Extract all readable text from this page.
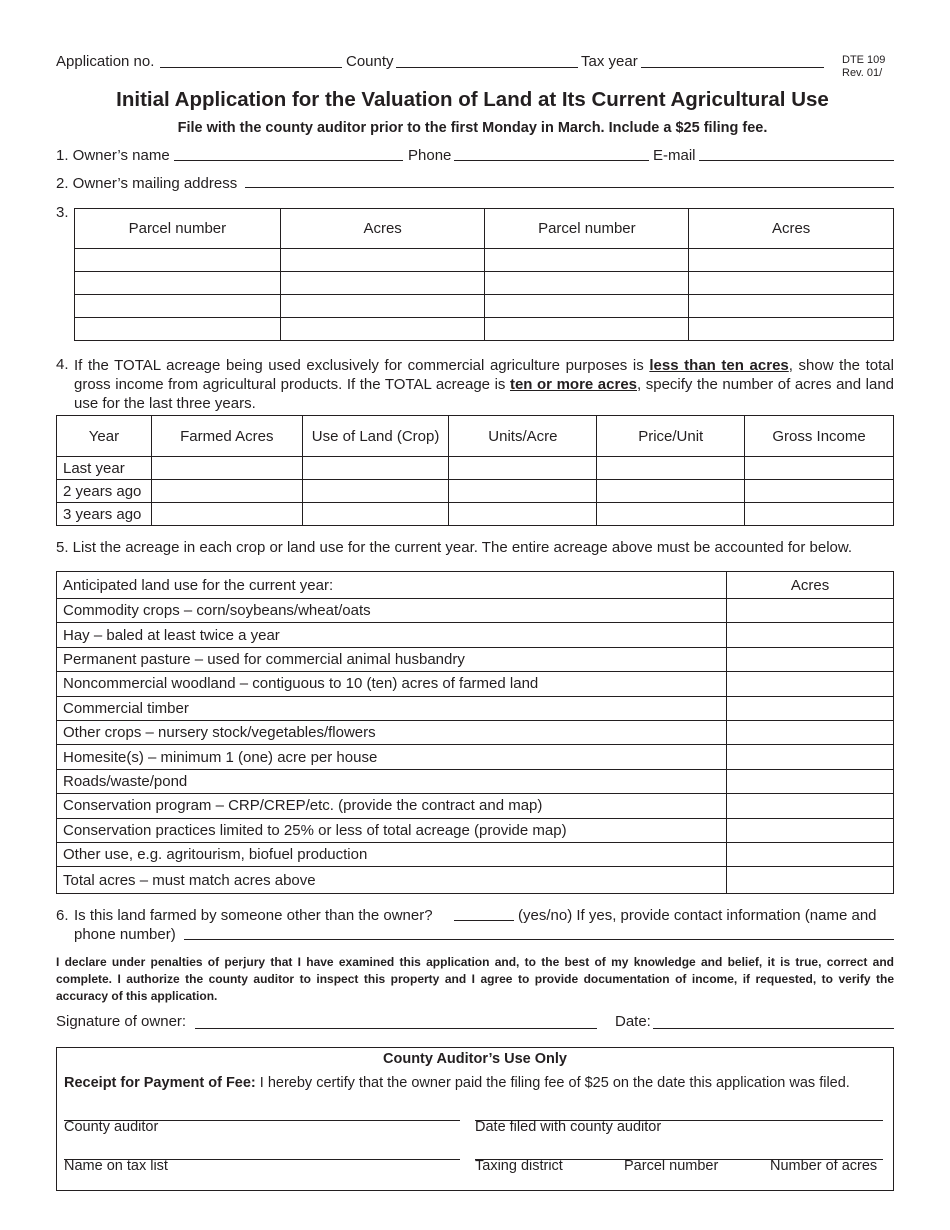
Application no.	County	Tax year	DTE 109
Rev. 01/
Initial Application for the Valuation of Land at Its Current Agricultural Use
File with the county auditor prior to the first Monday in March. Include a $25 filing fee.
1. Owner’s name	Phone	E-mail
2. Owner’s mailing address
3.
Parcel number	Acres	Parcel number	Acres

4. If the TOTAL acreage being used exclusively for commercial agriculture purposes is less than ten acres, show the total gross income from agricultural products. If the TOTAL acreage is ten or more acres, specify the number of acres and land use for the last three years.
Year	Farmed Acres	Use of Land (Crop)	Units/Acre	Price/Unit	Gross Income
Last year					
2 years ago					
3 years ago					
5. List the acreage in each crop or land use for the current year. The entire acreage above must be accounted for below.
Anticipated land use for the current year:	Acres
Commodity crops – corn/soybeans/wheat/oats	
Hay – baled at least twice a year	
Permanent pasture – used for commercial animal husbandry	
Noncommercial woodland – contiguous to 10 (ten) acres of farmed land	
Commercial timber	
Other crops – nursery stock/vegetables/flowers	
Homesite(s) – minimum 1 (one) acre per house	
Roads/waste/pond	
Conservation program – CRP/CREP/etc. (provide the contract and map)	
Conservation practices limited to 25% or less of total acreage (provide map)	
Other use, e.g. agritourism, biofuel production	
Total acres – must match acres above	
6. Is this land farmed by someone other than the owner?	(yes/no) If yes, provide contact information (name and
phone number)
I declare under penalties of perjury that I have examined this application and, to the best of my knowledge and belief, it is true, correct and complete. I authorize the county auditor to inspect this property and I agree to provide documentation of income, if requested, to verify the accuracy of this application.
Signature of owner:	Date:
County Auditor’s Use Only
Receipt for Payment of Fee: I hereby certify that the owner paid the filing fee of $25 on the date this application was filed.
County auditor	Date filed with county auditor
Name on tax list	Taxing district	Parcel number	Number of acres
